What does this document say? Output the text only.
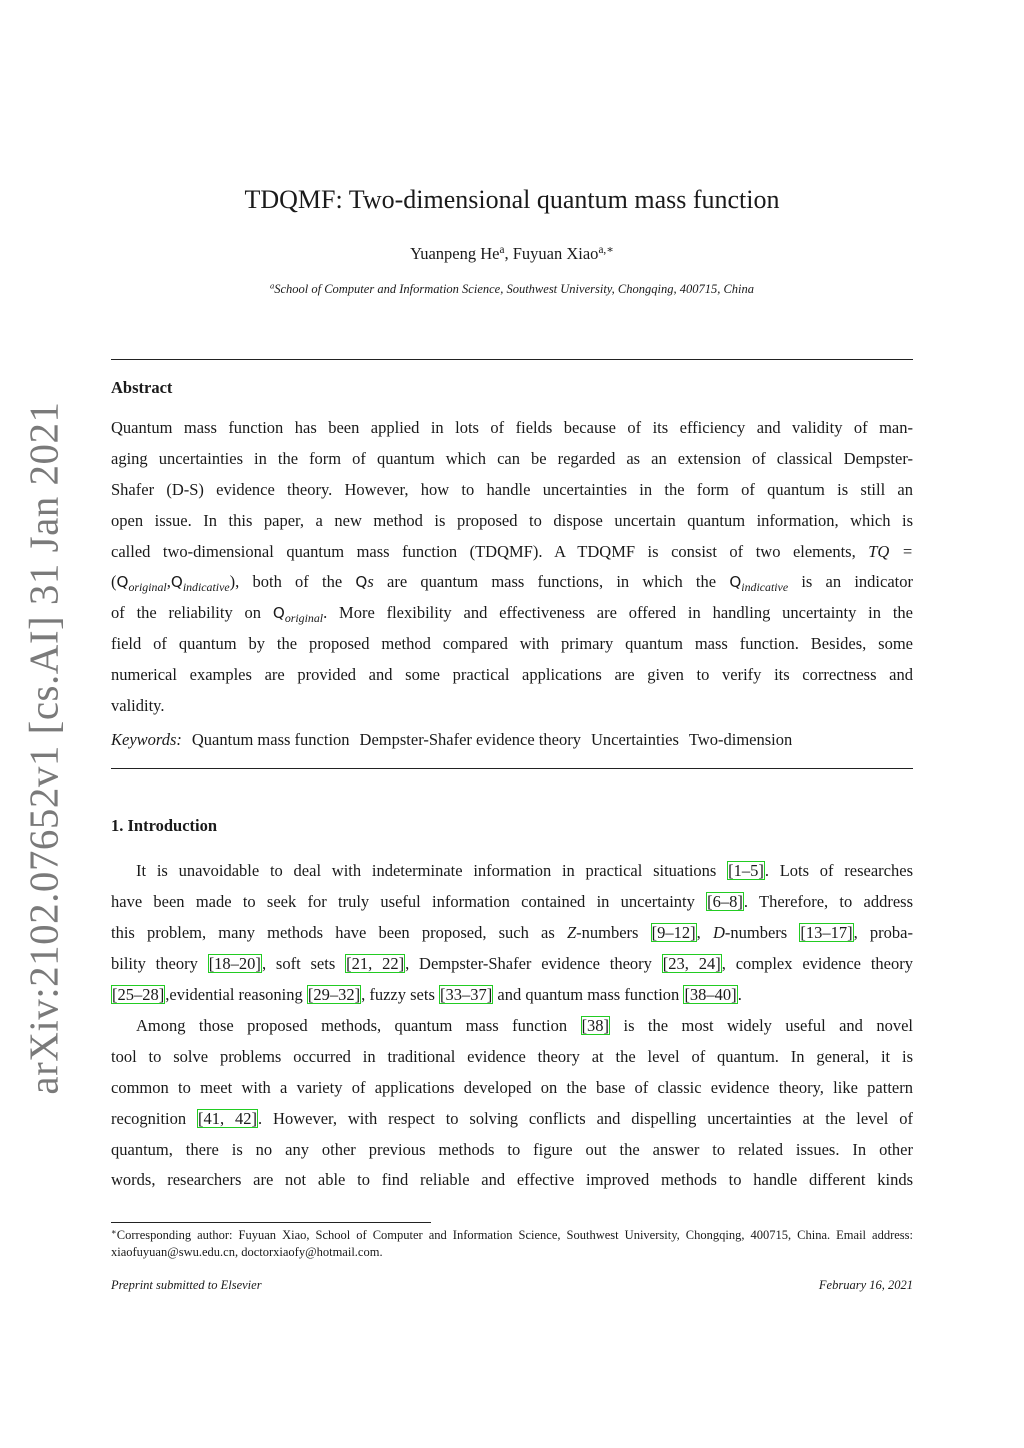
arXiv:2102.07652v1 [cs.AI] 31 Jan 2021
TDQMF: Two-dimensional quantum mass function
Yuanpeng He$^a$, Fuyuan Xiao$^{a,∗}$
$^a$School of Computer and Information Science, Southwest University, Chongqing, 400715, China
Abstract
Quantum mass function has been applied in lots of fields because of its efficiency and validity of man-
aging uncertainties in the form of quantum which can be regarded as an extension of classical Dempster-
Shafer (D-S) evidence theory. However, how to handle uncertainties in the form of quantum is still an
open issue. In this paper, a new method is proposed to dispose uncertain quantum information, which is
called two-dimensional quantum mass function (TDQMF). A TDQMF is consist of two elements, TQ =
$(Q_{original},Q_{indicative})$, both of the Qs are quantum mass functions, in which the $Q_{indicative}$ is an indicator
of the reliability on $Q_{original}$. More flexibility and effectiveness are offered in handling uncertainty in the
field of quantum by the proposed method compared with primary quantum mass function. Besides, some
numerical examples are provided and some practical applications are given to verify its correctness and
validity.
Keywords: Quantum mass function Dempster-Shafer evidence theory Uncertainties Two-dimension
1. Introduction
It is unavoidable to deal with indeterminate information in practical situations [1–5]. Lots of researches
have been made to seek for truly useful information contained in uncertainty [6–8]. Therefore, to address
this problem, many methods have been proposed, such as Z-numbers [9–12], D-numbers [13–17], proba-
bility theory [18–20], soft sets [21, 22], Dempster-Shafer evidence theory [23, 24], complex evidence theory
[25–28],evidential reasoning [29–32], fuzzy sets [33–37] and quantum mass function [38–40].
Among those proposed methods, quantum mass function [38] is the most widely useful and novel
tool to solve problems occurred in traditional evidence theory at the level of quantum. In general, it is
common to meet with a variety of applications developed on the base of classic evidence theory, like pattern
recognition [41, 42]. However, with respect to solving conflicts and dispelling uncertainties at the level of
quantum, there is no any other previous methods to figure out the answer to related issues. In other
words, researchers are not able to find reliable and effective improved methods to handle different kinds
∗Corresponding author: Fuyuan Xiao, School of Computer and Information Science, Southwest University, Chongqing, 400715, China. Email address: xiaofuyuan@swu.edu.cn, doctorxiaofy@hotmail.com.
Preprint submitted to Elsevier	February 16, 2021
